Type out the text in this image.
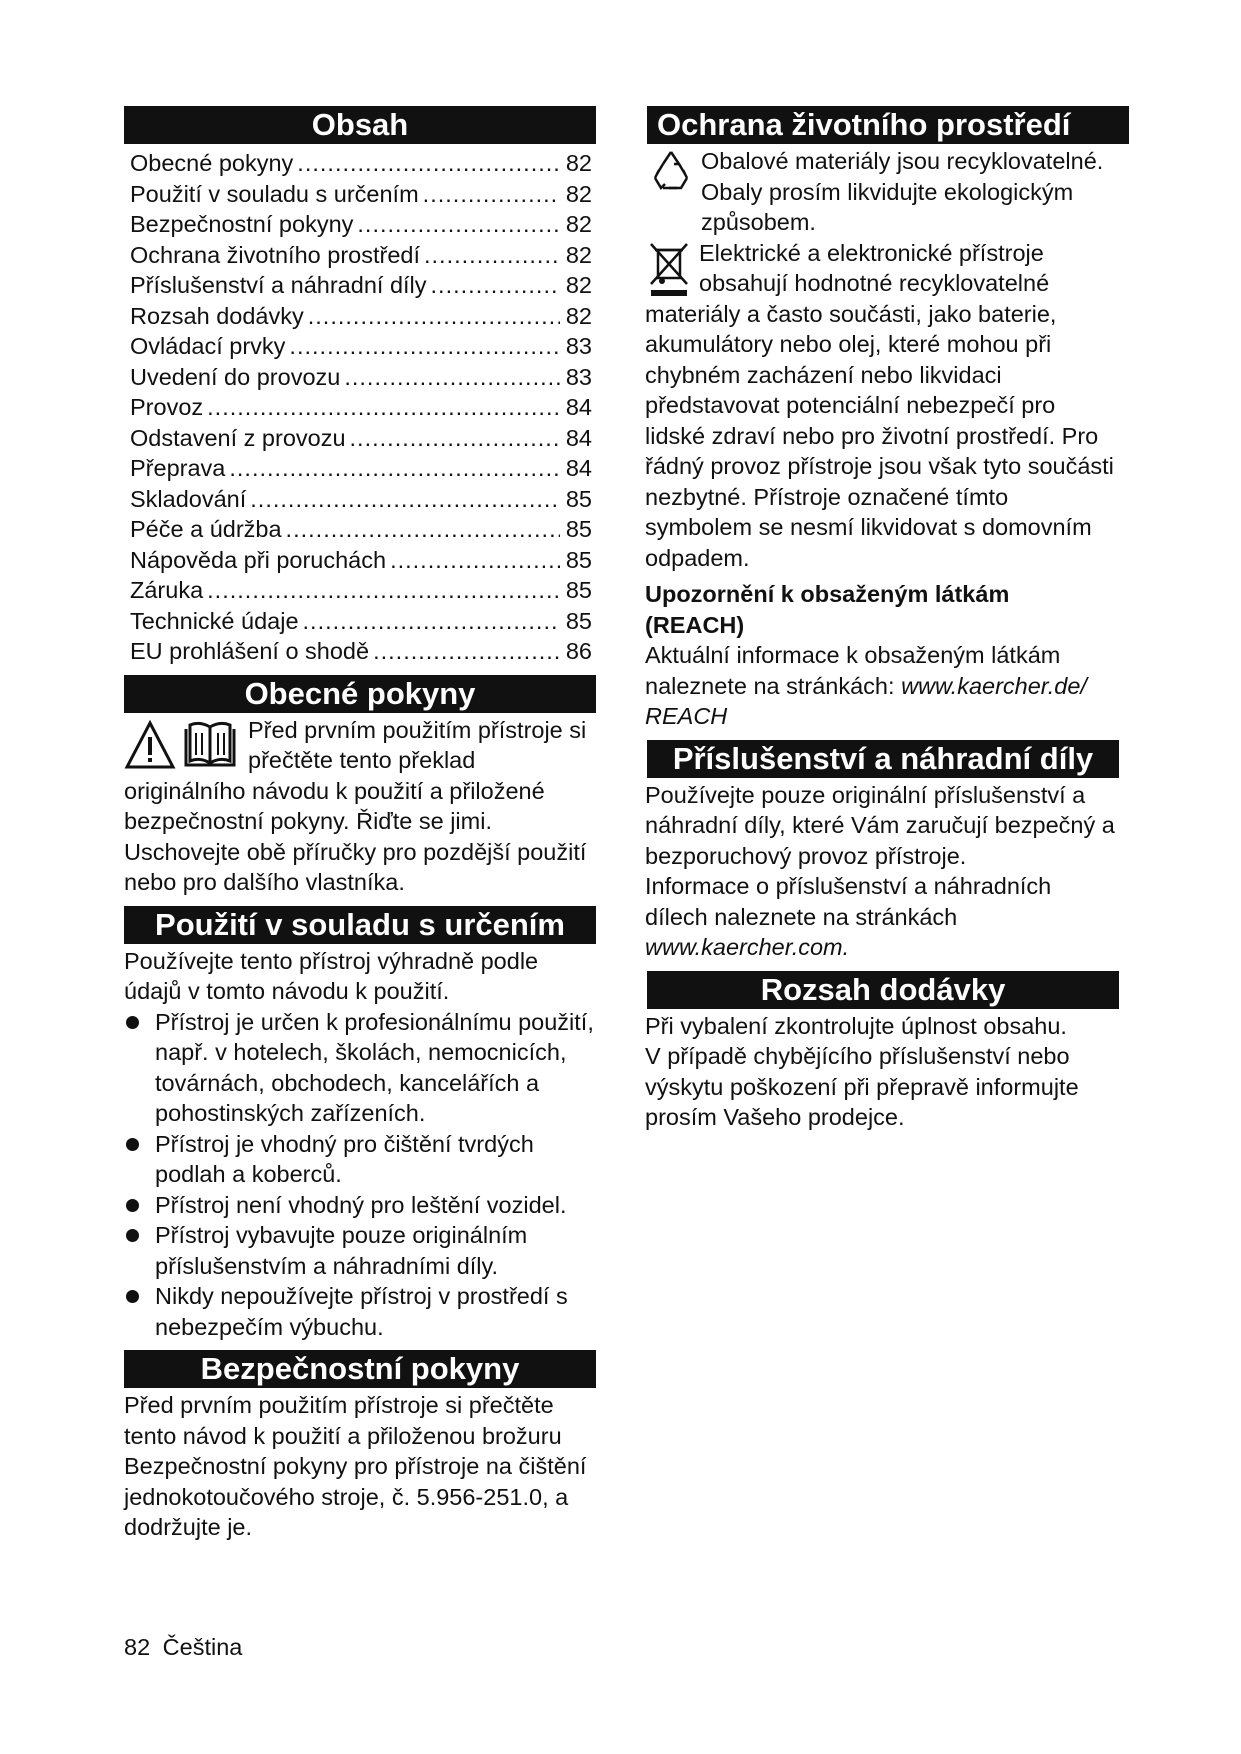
Obsah
Obecné pokyny .....	82
Použití v souladu s určením .....	82
Bezpečnostní pokyny .....	82
Ochrana životního prostředí .....	82
Příslušenství a náhradní díly .....	82
Rozsah dodávky .....	82
Ovládací prvky .....	83
Uvedení do provozu .....	83
Provoz .....	84
Odstavení z provozu .....	84
Přeprava .....	84
Skladování .....	85
Péče a údržba .....	85
Nápověda při poruchách .....	85
Záruka .....	85
Technické údaje .....	85
EU prohlášení o shodě .....	86
Obecné pokyny

Před prvním použitím přístroje si přečtěte tento překlad originálního návodu k použití a přiložené bezpečnostní pokyny. Řiďte se jimi. Uschovejte obě příručky pro pozdější použití nebo pro dalšího vlastníka.

Použití v souladu s určením

Používejte tento přístroj výhradně podle údajů v tomto návodu k použití.

Přístroj je určen k profesionálnímu použití, např. v hotelech, školách, nemocnicích, továrnách, obchodech, kancelářích a pohostinských zařízeních.
Přístroj je vhodný pro čištění tvrdých podlah a koberců.
Přístroj není vhodný pro leštění vozidel.
Přístroj vybavujte pouze originálním příslušenstvím a náhradními díly.
Nikdy nepoužívejte přístroj v prostředí s nebezpečím výbuchu.
Bezpečnostní pokyny

Před prvním použitím přístroje si přečtěte tento návod k použití a přiloženou brožuru Bezpečnostní pokyny pro přístroje na čištění jednokotoučového stroje, č. 5.956-251.0, a dodržujte je.

Ochrana životního prostředí

Obalové materiály jsou recyklovatelné. Obaly prosím likvidujte ekologickým způsobem.

Elektrické a elektronické přístroje obsahují hodnotné recyklovatelné materiály a často součásti, jako baterie, akumulátory nebo olej, které mohou při chybném zacházení nebo likvidaci představovat potenciální nebezpečí pro lidské zdraví nebo pro životní prostředí. Pro řádný provoz přístroje jsou však tyto součásti nezbytné. Přístroje označené tímto symbolem se nesmí likvidovat s domovním odpadem.

Upozornění k obsaženým látkám (REACH)

Aktuální informace k obsaženým látkám naleznete na stránkách: www.kaercher.de/ REACH

Příslušenství a náhradní díly

Používejte pouze originální příslušenství a náhradní díly, které Vám zaručují bezpečný a bezporuchový provoz přístroje.

Informace o příslušenství a náhradních dílech naleznete na stránkách

www.kaercher.com.

Rozsah dodávky

Při vybalení zkontrolujte úplnost obsahu.

V případě chybějícího příslušenství nebo výskytu poškození při přepravě informujte prosím Vašeho prodejce.

82 Čeština
